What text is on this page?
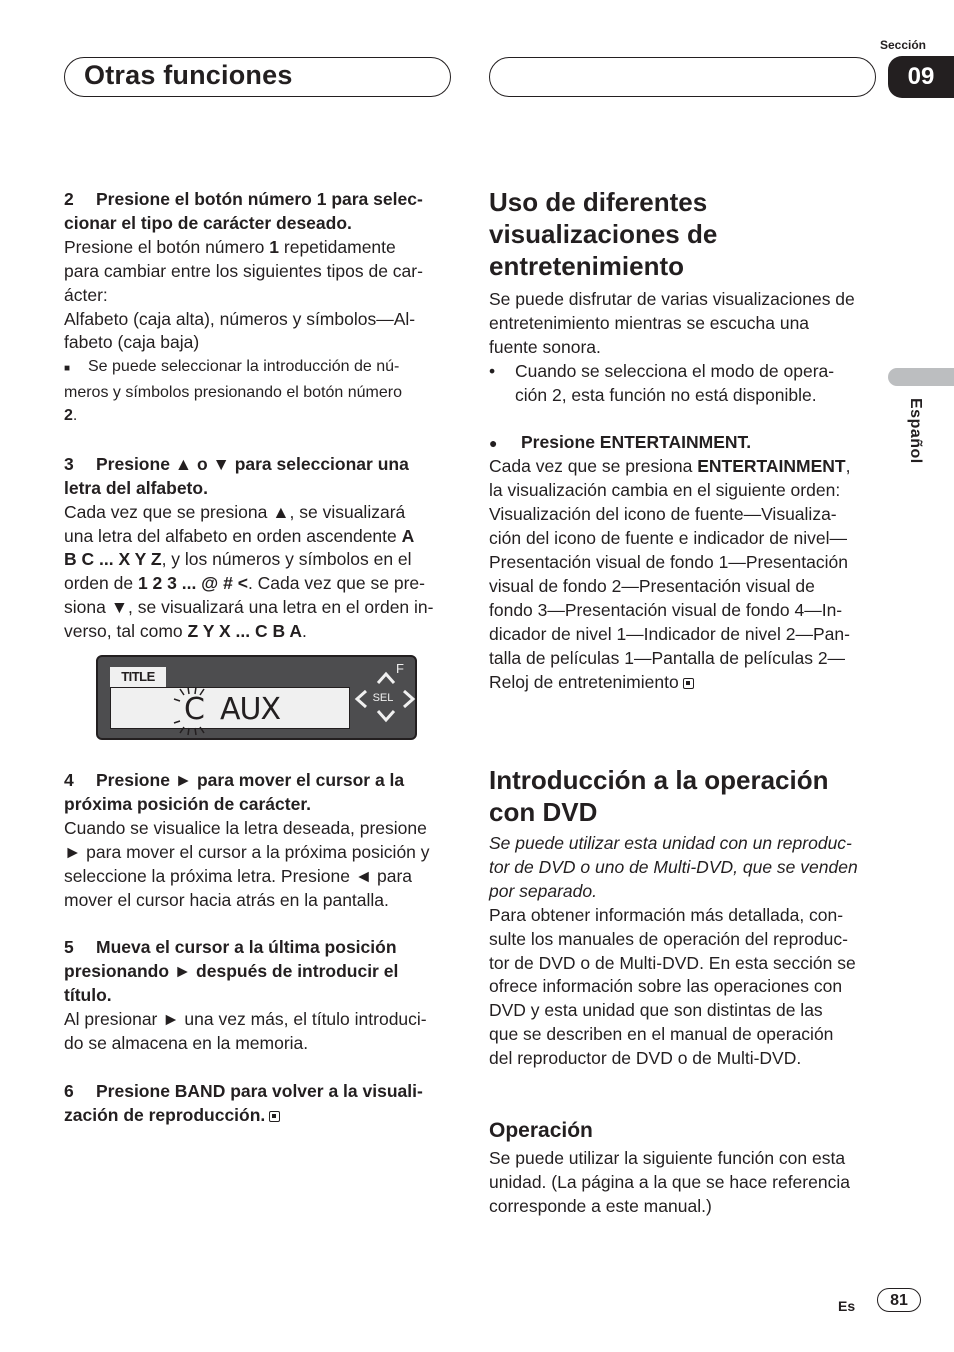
Otras funciones
Sección
09
Español

2 Presione el botón número 1 para selec-
cionar el tipo de carácter deseado.

Presione el botón número 1 repetidamente
para cambiar entre los siguientes tipos de car-
ácter:
Alfabeto (caja alta), números y símbolos—Al-
fabeto (caja baja)

■ Se puede seleccionar la introducción de nú-
meros y símbolos presionando el botón número
2.

3 Presione ▲ o ▼ para seleccionar una
letra del alfabeto.

Cada vez que se presiona ▲, se visualizará
una letra del alfabeto en orden ascendente A
B C ... X Y Z, y los números y símbolos en el
orden de 1 2 3 ... @ # <. Cada vez que se pre-
siona ▼, se visualizará una letra en el orden in-
verso, tal como Z Y X ... C B A.

TITLE
C AUX
F
SEL

4 Presione ► para mover el cursor a la
próxima posición de carácter.

Cuando se visualice la letra deseada, presione
► para mover el cursor a la próxima posición y
seleccione la próxima letra. Presione ◄ para
mover el cursor hacia atrás en la pantalla.

5 Mueva el cursor a la última posición
presionando ► después de introducir el
título.

Al presionar ► una vez más, el título introduci-
do se almacena en la memoria.

6 Presione BAND para volver a la visuali-
zación de reproducción.

Uso de diferentes
visualizaciones de
entretenimiento

Se puede disfrutar de varias visualizaciones de
entretenimiento mientras se escucha una
fuente sonora.

•	Cuando se selecciona el modo de opera-
ción 2, esta función no está disponible.

● Presione ENTERTAINMENT.

Cada vez que se presiona ENTERTAINMENT,
la visualización cambia en el siguiente orden:
Visualización del icono de fuente—Visualiza-
ción del icono de fuente e indicador de nivel—
Presentación visual de fondo 1—Presentación
visual de fondo 2—Presentación visual de
fondo 3—Presentación visual de fondo 4—In-
dicador de nivel 1—Indicador de nivel 2—Pan-
talla de películas 1—Pantalla de películas 2—
Reloj de entretenimiento

Introducción a la operación
con DVD

Se puede utilizar esta unidad con un reproduc-
tor de DVD o uno de Multi-DVD, que se venden
por separado.

Para obtener información más detallada, con-
sulte los manuales de operación del reproduc-
tor de DVD o de Multi-DVD. En esta sección se
ofrece información sobre las operaciones con
DVD y esta unidad que son distintas de las
que se describen en el manual de operación
del reproductor de DVD o de Multi-DVD.

Operación

Se puede utilizar la siguiente función con esta
unidad. (La página a la que se hace referencia
corresponde a este manual.)

Es	81
